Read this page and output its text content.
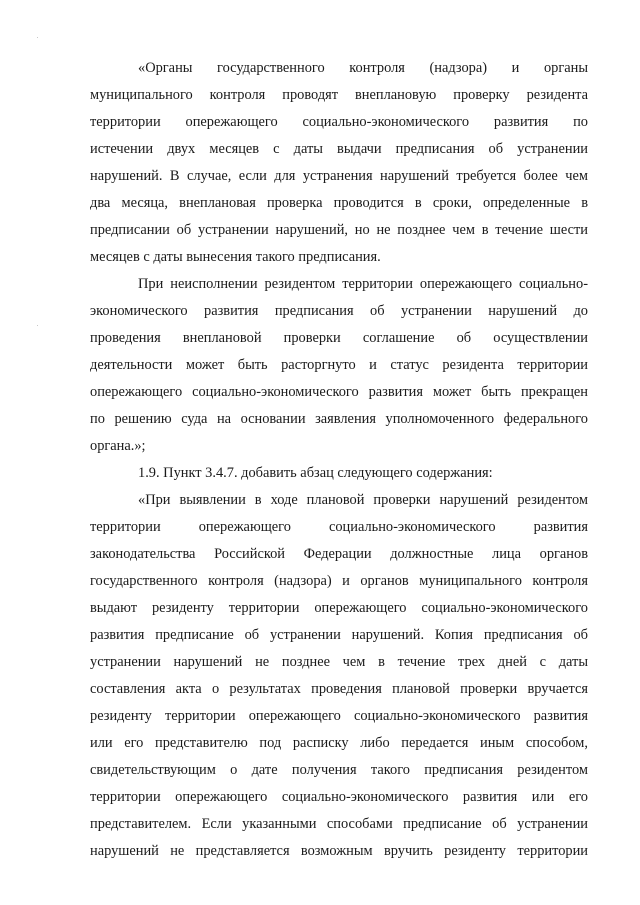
«Органы государственного контроля (надзора) и органы
муниципального контроля проводят внеплановую проверку резидента
территории опережающего социально-экономического развития по
истечении двух месяцев с даты выдачи предписания об устранении
нарушений. В случае, если для устранения нарушений требуется более чем
два месяца, внеплановая проверка проводится в сроки, определенные в
предписании об устранении нарушений, но не позднее чем в течение шести
месяцев с даты вынесения такого предписания.
При неисполнении резидентом территории опережающего социально-
экономического развития предписания об устранении нарушений до
проведения внеплановой проверки соглашение об осуществлении
деятельности может быть расторгнуто и статус резидента территории
опережающего социально-экономического развития может быть прекращен
по решению суда на основании заявления уполномоченного федерального
органа.»;
1.9. Пункт 3.4.7. добавить абзац следующего содержания:
«При выявлении в ходе плановой проверки нарушений резидентом
территории опережающего социально-экономического развития
законодательства Российской Федерации должностные лица органов
государственного контроля (надзора) и органов муниципального контроля
выдают резиденту территории опережающего социально-экономического
развития предписание об устранении нарушений. Копия предписания об
устранении нарушений не позднее чем в течение трех дней с даты
составления акта о результатах проведения плановой проверки вручается
резиденту территории опережающего социально-экономического развития
или его представителю под расписку либо передается иным способом,
свидетельствующим о дате получения такого предписания резидентом
территории опережающего социально-экономического развития или его
представителем. Если указанными способами предписание об устранении
нарушений не представляется возможным вручить резиденту территории
